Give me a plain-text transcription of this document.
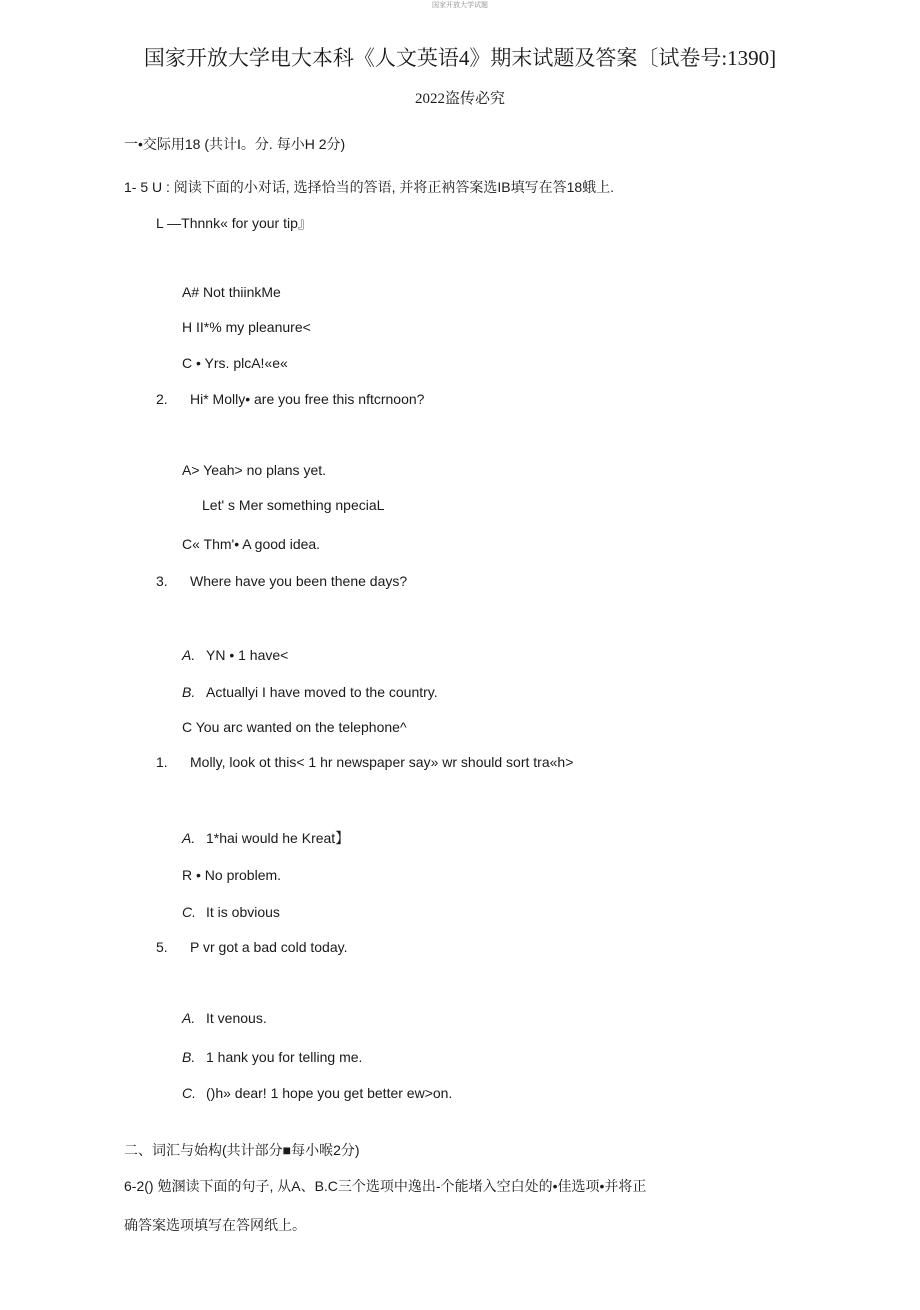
国家开放大学试题
国家开放大学电大本科《人文英语4》期末试题及答案〔试卷号:1390]
2022盗传必究
一•交际用18 (共计I。分. 每小H 2分)
1- 5 U : 阅读下面的小对话, 选择恰当的答语, 并将正衲答案选IB填写在答18蛾上.
L —Thnnk« for your tip』
A# Not thiinkMe
H II*% my pleanure<
C • Yrs. plcA!«e«
2. Hi* Molly• are you free this nftcrnoon?
A> Yeah> no plans yet.
Let' s Mer something npeciaL
C« Thm'• A good idea.
3. Where have you been thene days?
A. YN • 1 have<
B. Actuallyi I have moved to the country.
C You arc wanted on the telephone^
1. Molly, look ot this< 1 hr newspaper say» wr should sort tra«h>
A. 1*hai would he Kreat】
R • No problem.
C. It is obvious
5. P vr got a bad cold today.
A. It venous.
B. 1 hank you for telling me.
C. ()h» dear! 1 hope you get better ew>on.
二、词汇与始构(共计部分■每小喉2分)
6-2() 勉溷读下面的句子, 从A、B.C三个选项中逸出-个能堵入空白处的•佳选项•并将正
确答案选项填写在答网纸上。
